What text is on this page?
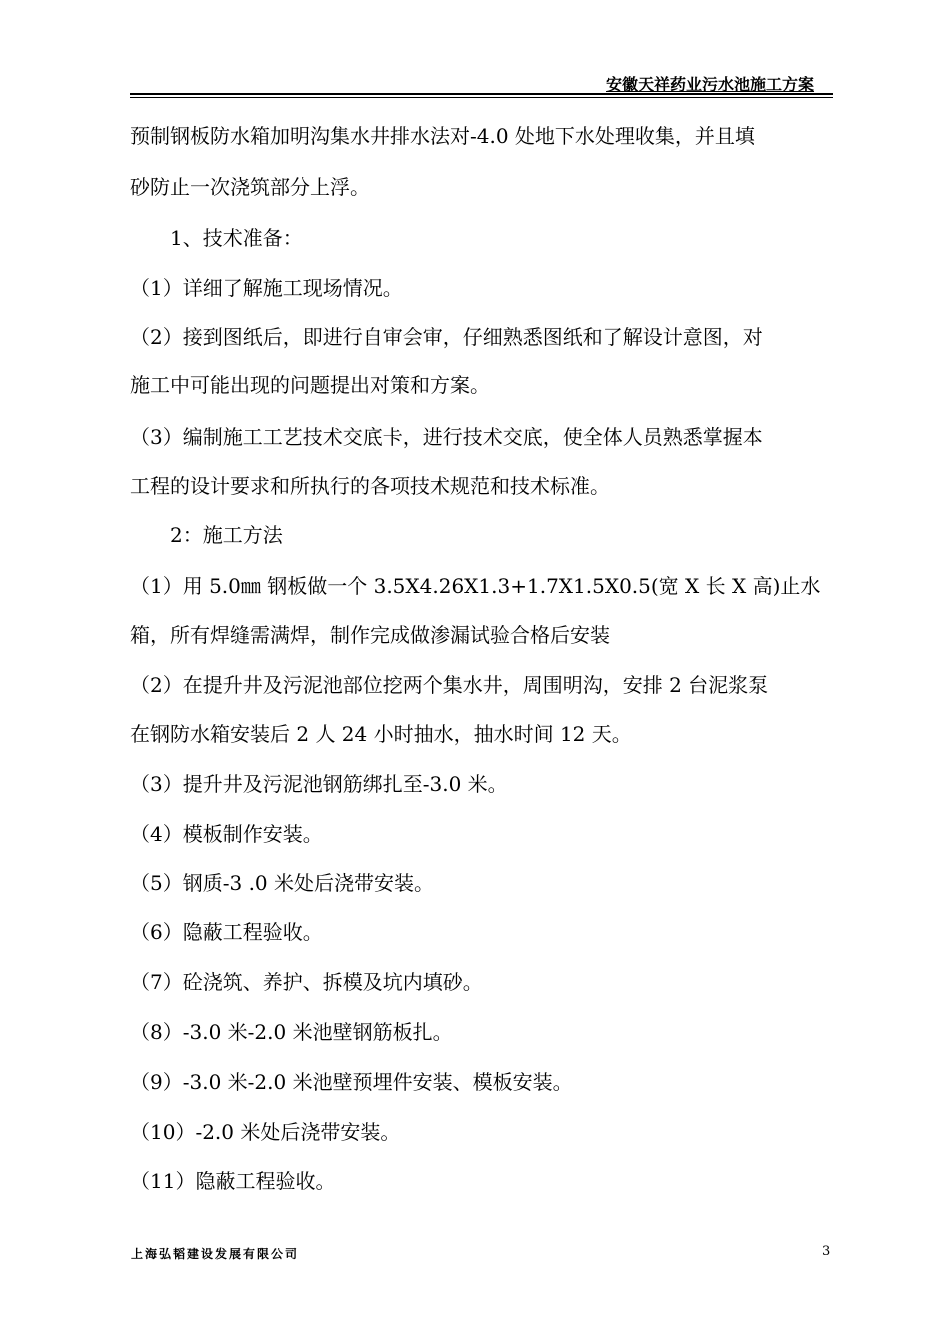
安徽天祥药业污水池施工方案
预制钢板防水箱加明沟集水井排水法对-4.0 处地下水处理收集，并且填
砂防止一次浇筑部分上浮。
1、技术准备：
（1）详细了解施工现场情况。
（2）接到图纸后，即进行自审会审，仔细熟悉图纸和了解设计意图，对
施工中可能出现的问题提出对策和方案。
（3）编制施工工艺技术交底卡，进行技术交底，使全体人员熟悉掌握本
工程的设计要求和所执行的各项技术规范和技术标准。
2：施工方法
（1）用 5.0㎜ 钢板做一个 3.5X4.26X1.3+1.7X1.5X0.5(宽 X 长 X 高)止水
箱，所有焊缝需满焊，制作完成做渗漏试验合格后安装
（2）在提升井及污泥池部位挖两个集水井，周围明沟，安排 2 台泥浆泵
在钢防水箱安装后 2 人 24 小时抽水，抽水时间 12 天。
（3）提升井及污泥池钢筋绑扎至-3.0 米。
（4）模板制作安装。
（5）钢质-3 .0 米处后浇带安装。
（6）隐蔽工程验收。
（7）砼浇筑、养护、拆模及坑内填砂。
（8）-3.0 米-2.0 米池壁钢筋板扎。
（9）-3.0 米-2.0 米池壁预埋件安装、模板安装。
（10）-2.0 米处后浇带安装。
（11）隐蔽工程验收。
上海弘韬建设发展有限公司	3
